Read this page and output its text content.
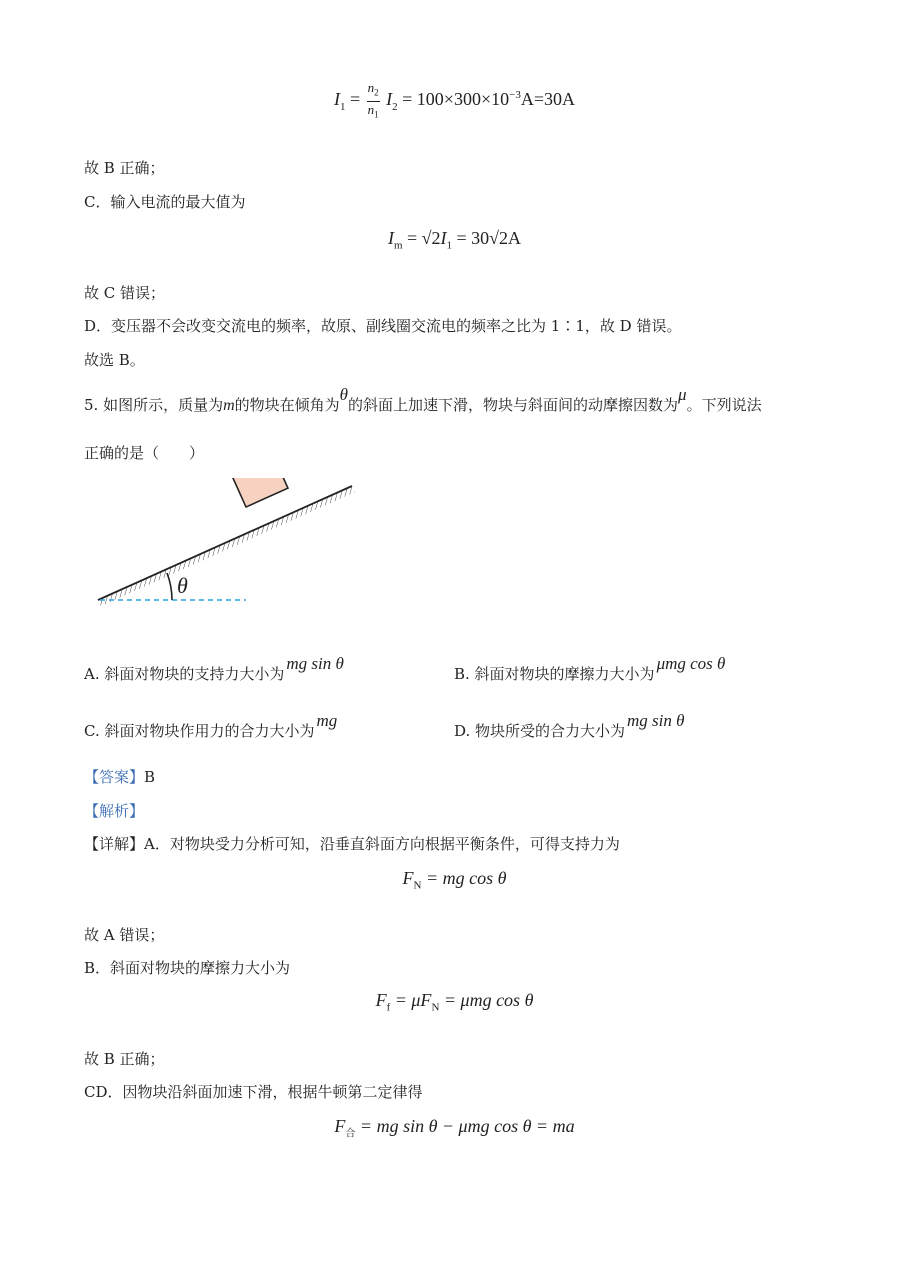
$I_1 = \frac{n_2}{n_1} I_2 = 100\times 300\times 10^{-3}A=30A$
故 B 正确；
C．输入电流的最大值为
$I_m = √2I_1 = 30√2A$
故 C 错误；
D．变压器不会改变交流电的频率，故原、副线圈交流电的频率之比为 1∶1，故 D 错误。
故选 B。
5. 如图所示，质量为m的物块在倾角为θ的斜面上加速下滑，物块与斜面间的动摩擦因数为μ。下列说法
正确的是（　　）
θ
A. 斜面对物块的支持力大小为mg sin θ
B. 斜面对物块的摩擦力大小为μmg cos θ
C. 斜面对物块作用力的合力大小为mg
D. 物块所受的合力大小为mg sin θ
【答案】B
【解析】
【详解】A．对物块受力分析可知，沿垂直斜面方向根据平衡条件，可得支持力为
$F_N$ = mg cos θ
故 A 错误；
B．斜面对物块的摩擦力大小为
$F_f = \mu F_N = \mu mg$ cos θ
故 B 正确；
CD．因物块沿斜面加速下滑，根据牛顿第二定律得
$F_合$ = mg sin θ − μmg cos θ = ma
